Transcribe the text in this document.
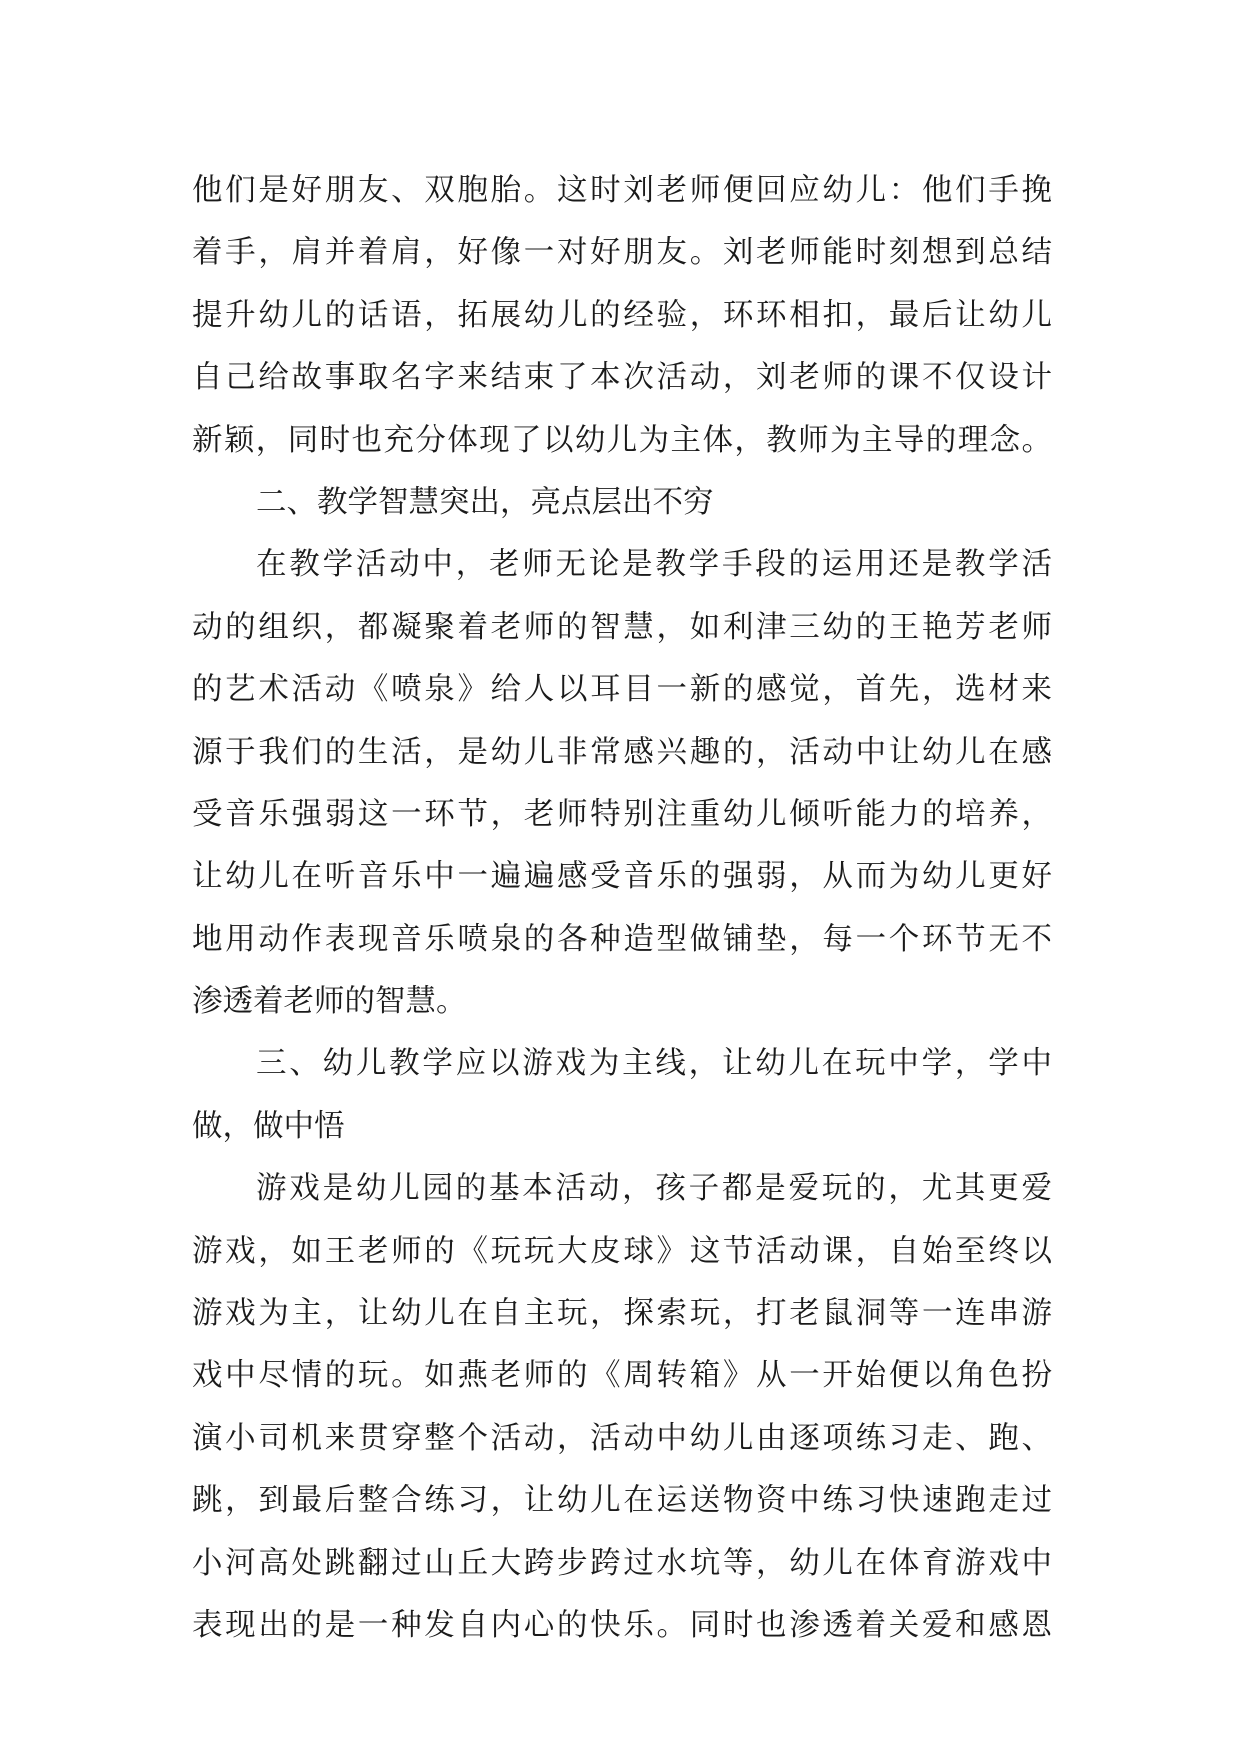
他们是好朋友、双胞胎。这时刘老师便回应幼儿：他们手挽
着手，肩并着肩，好像一对好朋友。刘老师能时刻想到总结
提升幼儿的话语，拓展幼儿的经验，环环相扣，最后让幼儿
自己给故事取名字来结束了本次活动，刘老师的课不仅设计
新颖，同时也充分体现了以幼儿为主体，教师为主导的理念。
二、教学智慧突出，亮点层出不穷
在教学活动中，老师无论是教学手段的运用还是教学活
动的组织，都凝聚着老师的智慧，如利津三幼的王艳芳老师
的艺术活动《喷泉》给人以耳目一新的感觉，首先，选材来
源于我们的生活，是幼儿非常感兴趣的，活动中让幼儿在感
受音乐强弱这一环节，老师特别注重幼儿倾听能力的培养，
让幼儿在听音乐中一遍遍感受音乐的强弱，从而为幼儿更好
地用动作表现音乐喷泉的各种造型做铺垫，每一个环节无不
渗透着老师的智慧。
三、幼儿教学应以游戏为主线，让幼儿在玩中学，学中
做，做中悟
游戏是幼儿园的基本活动，孩子都是爱玩的，尤其更爱
游戏，如王老师的《玩玩大皮球》这节活动课，自始至终以
游戏为主，让幼儿在自主玩，探索玩，打老鼠洞等一连串游
戏中尽情的玩。如燕老师的《周转箱》从一开始便以角色扮
演小司机来贯穿整个活动，活动中幼儿由逐项练习走、跑、
跳，到最后整合练习，让幼儿在运送物资中练习快速跑走过
小河高处跳翻过山丘大跨步跨过水坑等，幼儿在体育游戏中
表现出的是一种发自内心的快乐。同时也渗透着关爱和感恩
